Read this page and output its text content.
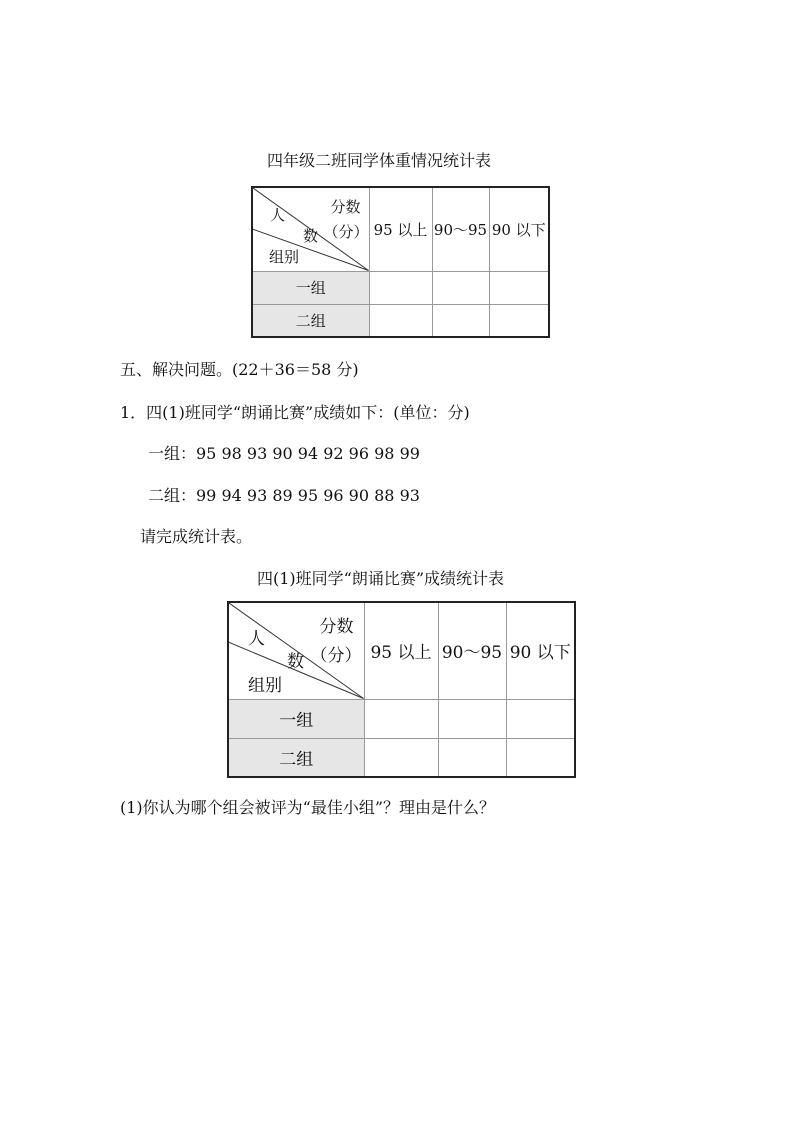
四年级二班同学体重情况统计表
分数
（分）
人
数
组别	95 以上	90～95	90 以下
一组			
二组			
五、解决问题。(22＋36＝58 分)
1．四(1)班同学“朗诵比赛”成绩如下：(单位：分)
一组：95 98 93 90 94 92 96 98 99
二组：99 94 93 89 95 96 90 88 93
请完成统计表。
四(1)班同学“朗诵比赛”成绩统计表
分数
（分）
人
数
组别	95 以上	90～95	90 以下
一组			
二组			
(1)你认为哪个组会被评为“最佳小组”？理由是什么？
